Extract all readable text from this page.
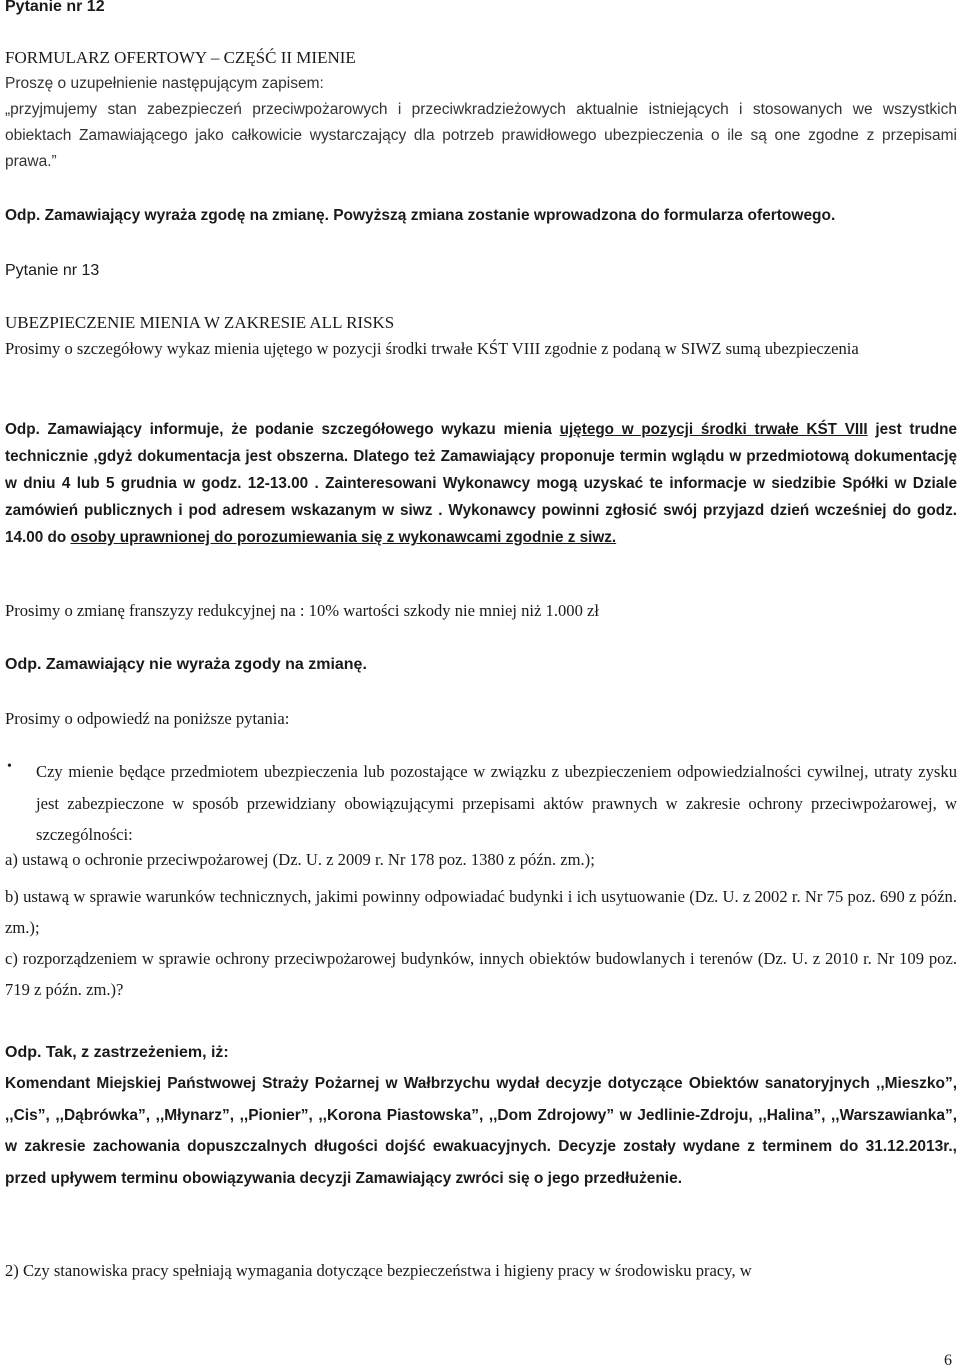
Pytanie nr 12
FORMULARZ OFERTOWY – CZĘŚĆ II MIENIE
Proszę o uzupełnienie następującym zapisem:
„przyjmujemy stan zabezpieczeń przeciwpożarowych i przeciwkradzieżowych aktualnie istniejących i stosowanych we wszystkich obiektach Zamawiającego jako całkowicie wystarczający dla potrzeb prawidłowego ubezpieczenia o ile są one zgodne z przepisami prawa.”
Odp. Zamawiający wyraża zgodę na zmianę. Powyższą zmiana zostanie wprowadzona do formularza ofertowego.
Pytanie nr 13
UBEZPIECZENIE MIENIA W ZAKRESIE ALL RISKS
Prosimy o szczegółowy wykaz mienia ujętego w pozycji środki trwałe KŚT VIII zgodnie z podaną w SIWZ sumą ubezpieczenia
Odp. Zamawiający informuje, że podanie szczegółowego wykazu mienia ujętego w pozycji środki trwałe KŚT VIII jest trudne technicznie ,gdyż dokumentacja jest obszerna. Dlatego też Zamawiający proponuje termin wglądu w przedmiotową dokumentację w dniu 4 lub 5 grudnia w godz. 12-13.00 . Zainteresowani Wykonawcy mogą uzyskać te informacje w siedzibie Spółki w Dziale zamówień publicznych i pod adresem wskazanym w siwz . Wykonawcy powinni zgłosić swój przyjazd dzień wcześniej do godz. 14.00 do osoby uprawnionej do porozumiewania się z wykonawcami zgodnie z siwz.
Prosimy o zmianę franszyzy redukcyjnej na : 10% wartości szkody nie mniej niż 1.000 zł
Odp. Zamawiający nie wyraża zgody na zmianę.
Prosimy o odpowiedź na poniższe pytania:
• Czy mienie będące przedmiotem ubezpieczenia lub pozostające w związku z ubezpieczeniem odpowiedzialności cywilnej, utraty zysku jest zabezpieczone w sposób przewidziany obowiązującymi przepisami aktów prawnych w zakresie ochrony przeciwpożarowej, w szczególności:
a) ustawą o ochronie przeciwpożarowej (Dz. U. z 2009 r. Nr 178 poz. 1380 z późn. zm.);
b) ustawą w sprawie warunków technicznych, jakimi powinny odpowiadać budynki i ich usytuowanie (Dz. U. z 2002 r. Nr 75 poz. 690 z późn. zm.);
c) rozporządzeniem w sprawie ochrony przeciwpożarowej budynków, innych obiektów budowlanych i terenów (Dz. U. z 2010 r. Nr 109 poz. 719 z późn. zm.)?
Odp. Tak, z zastrzeżeniem, iż:
Komendant Miejskiej Państwowej Straży Pożarnej w Wałbrzychu wydał decyzje dotyczące Obiektów sanatoryjnych ,,Mieszko”, ,,Cis”, ,,Dąbrówka”, ,,Młynarz”, ,,Pionier”, ,,Korona Piastowska”, ,,Dom Zdrojowy” w Jedlinie-Zdroju, ,,Halina”, ,,Warszawianka”, w zakresie zachowania dopuszczalnych długości dojść ewakuacyjnych. Decyzje zostały wydane z terminem do 31.12.2013r., przed upływem terminu obowiązywania decyzji Zamawiający zwróci się o jego przedłużenie.
2) Czy stanowiska pracy spełniają wymagania dotyczące bezpieczeństwa i higieny pracy w środowisku pracy, w
6
